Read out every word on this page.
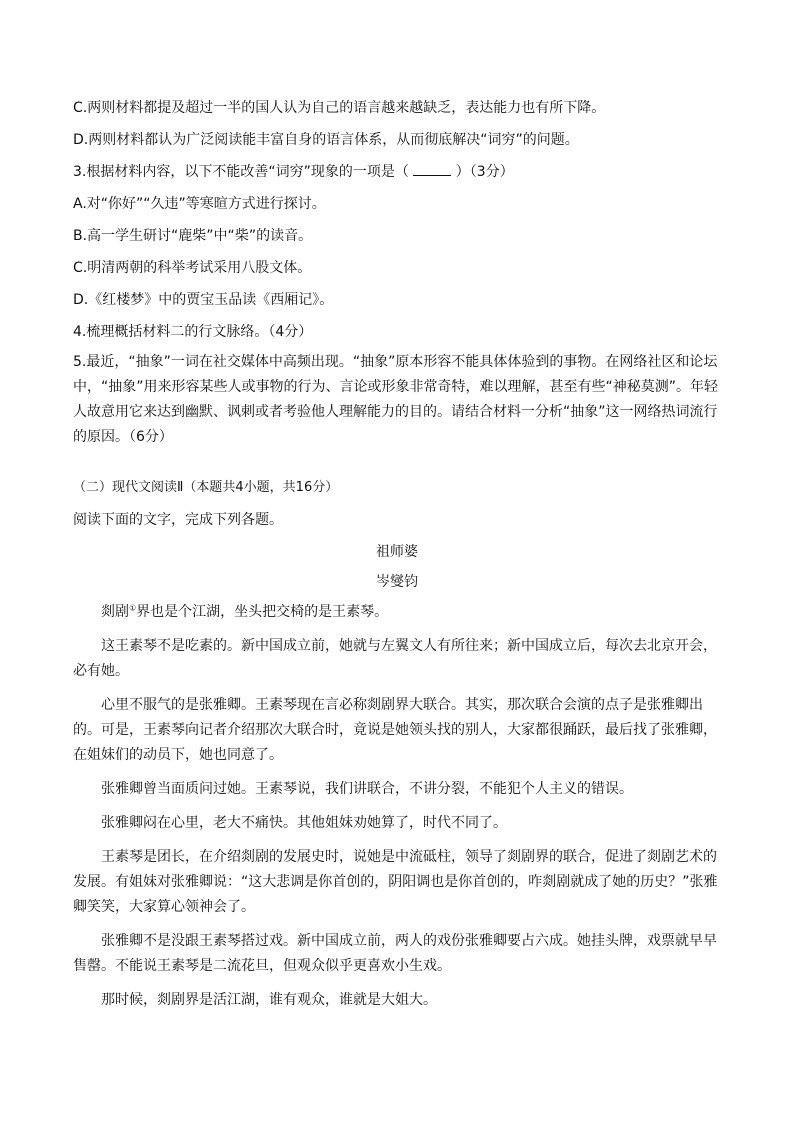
C.两则材料都提及超过一半的国人认为自己的语言越来越缺乏，表达能力也有所下降。
D.两则材料都认为广泛阅读能丰富自身的语言体系，从而彻底解决“词穷”的问题。
3.根据材料内容，以下不能改善“词穷”现象的一项是（	）（3分）
A.对“你好”“久违”等寒暄方式进行探讨。
B.高一学生研讨“鹿柴”中“柴”的读音。
C.明清两朝的科举考试采用八股文体。
D.《红楼梦》中的贾宝玉品读《西厢记》。
4.梳理概括材料二的行文脉络。（4分）

5.最近，“抽象”一词在社交媒体中高频出现。“抽象”原本形容不能具体体验到的事物。在网络社区和论坛中，“抽象”用来形容某些人或事物的行为、言论或形象非常奇特，难以理解，甚至有些“神秘莫测”。年轻人故意用它来达到幽默、讽刺或者考验他人理解能力的目的。请结合材料一分析“抽象”这一网络热词流行的原因。（6分）

（二）现代文阅读Ⅱ（本题共4小题，共16分）
阅读下面的文字，完成下列各题。
祖师婆
岑燮钧

剡剧①界也是个江湖，坐头把交椅的是王素琴。

这王素琴不是吃素的。新中国成立前，她就与左翼文人有所往来；新中国成立后，每次去北京开会，必有她。

心里不服气的是张雅卿。王素琴现在言必称剡剧界大联合。其实，那次联合会演的点子是张雅卿出的。可是，王素琴向记者介绍那次大联合时，竟说是她领头找的别人，大家都很踊跃，最后找了张雅卿，在姐妹们的动员下，她也同意了。

张雅卿曾当面质问过她。王素琴说，我们讲联合，不讲分裂，不能犯个人主义的错误。

张雅卿闷在心里，老大不痛快。其他姐妹劝她算了，时代不同了。

王素琴是团长，在介绍剡剧的发展史时，说她是中流砥柱，领导了剡剧界的联合，促进了剡剧艺术的发展。有姐妹对张雅卿说：“这大悲调是你首创的，阴阳调也是你首创的，咋剡剧就成了她的历史？”张雅卿笑笑，大家算心领神会了。

张雅卿不是没跟王素琴搭过戏。新中国成立前，两人的戏份张雅卿要占六成。她挂头牌，戏票就早早售罄。不能说王素琴是二流花旦，但观众似乎更喜欢小生戏。

那时候，剡剧界是活江湖，谁有观众，谁就是大姐大。
